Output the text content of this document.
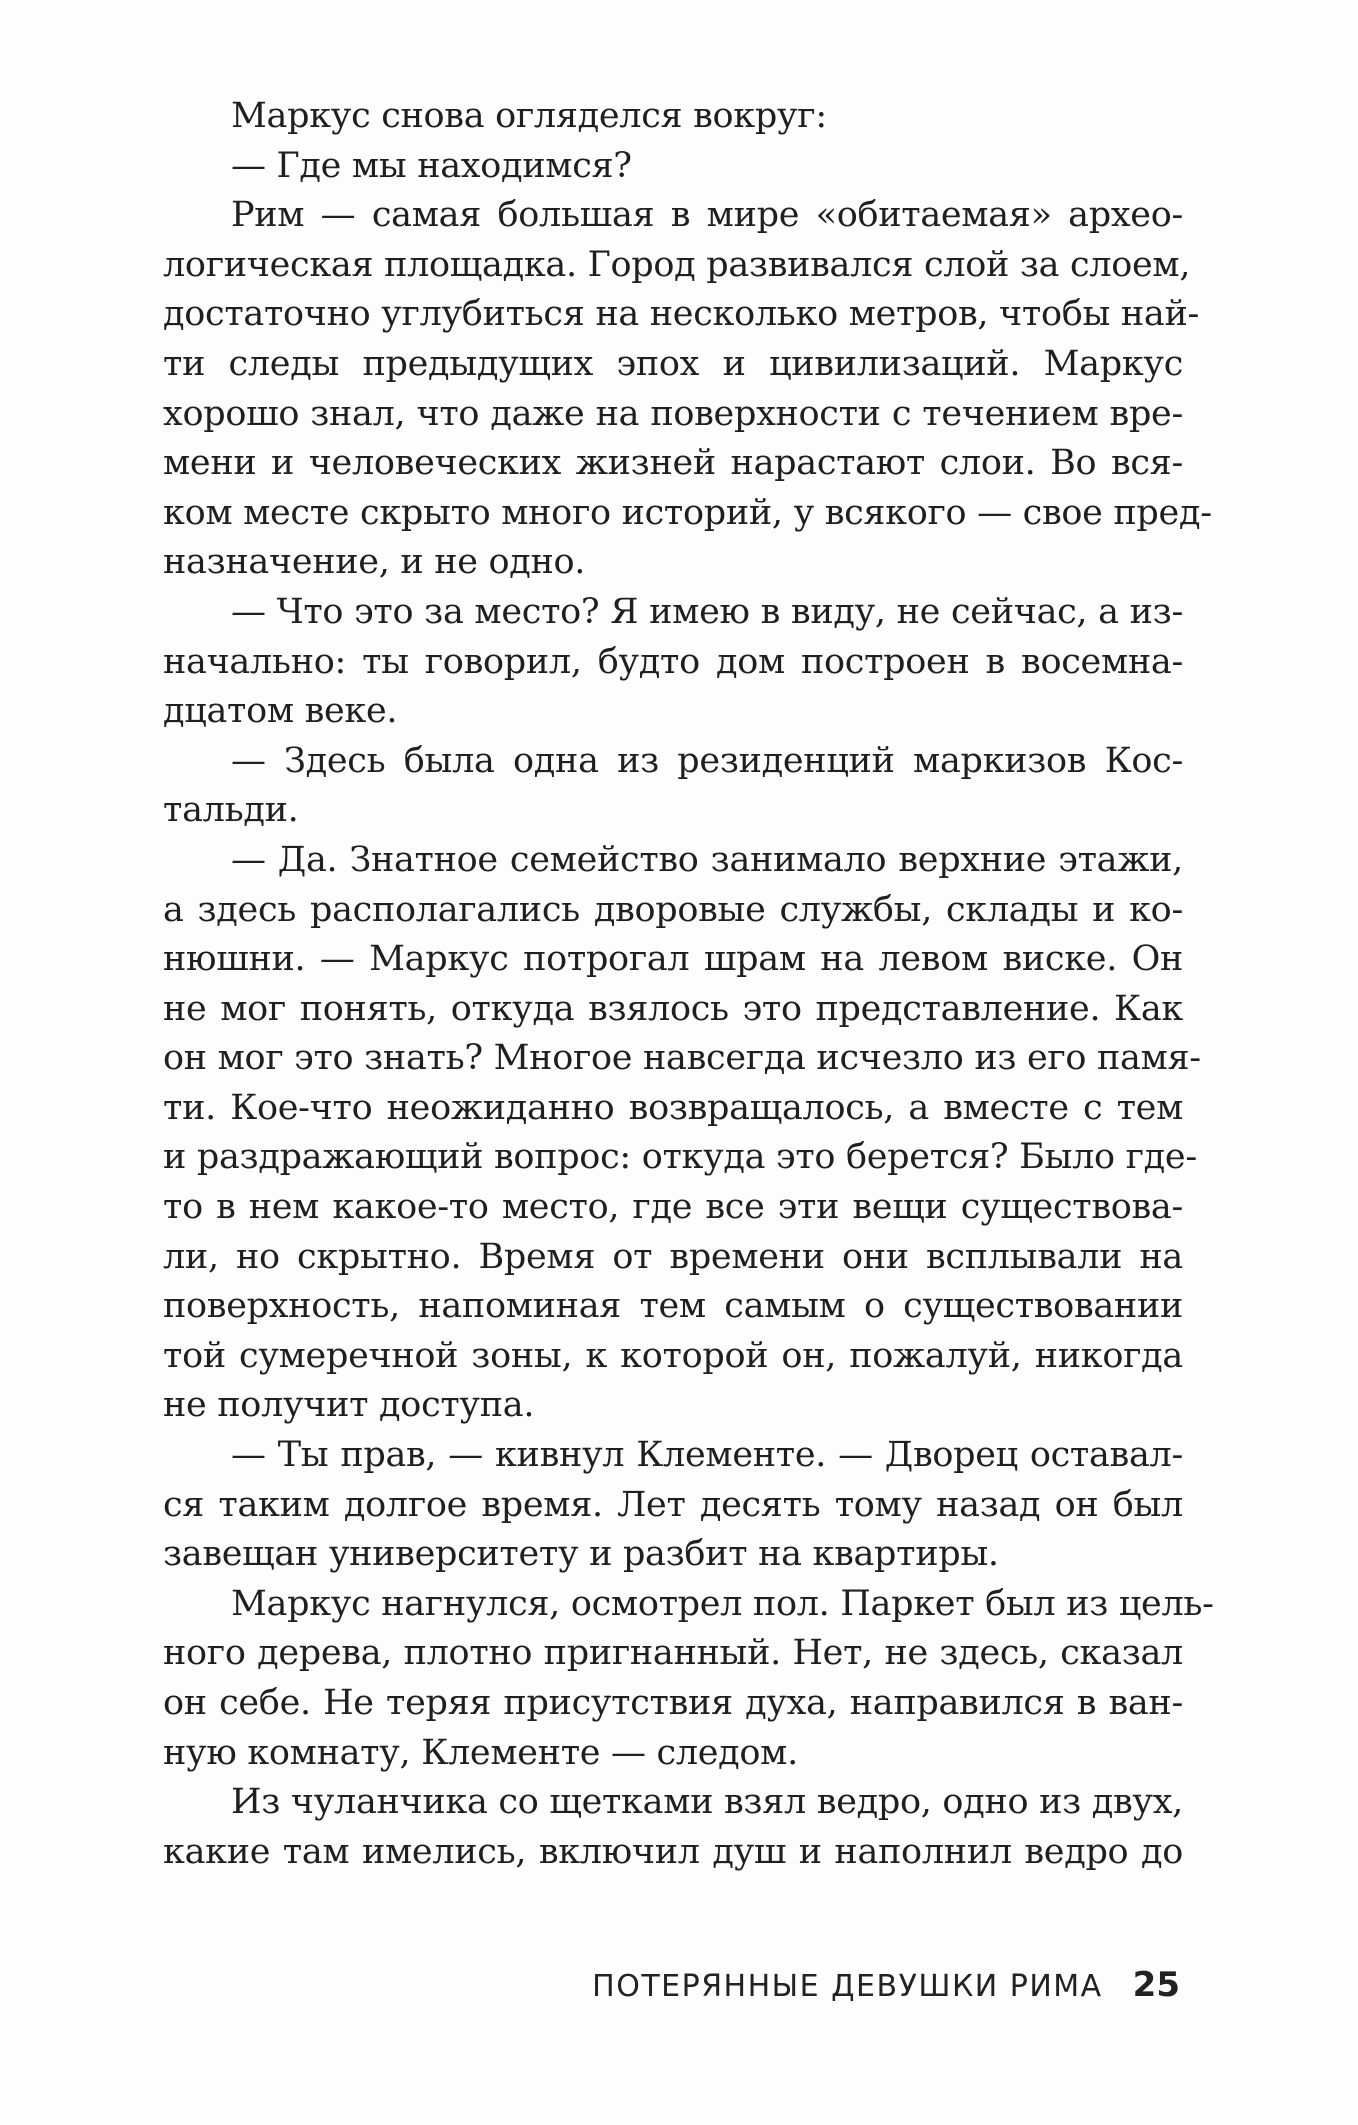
Маркус снова огляделся вокруг:
— Где мы находимся?
Рим — самая большая в мире «обитаемая» архео-
логическая площадка. Город развивался слой за слоем,
достаточно углубиться на несколько метров, чтобы най-
ти следы предыдущих эпох и цивилизаций. Маркус
хорошо знал, что даже на поверхности с течением вре-
мени и человеческих жизней нарастают слои. Во вся-
ком месте скрыто много историй, у всякого — свое пред-
назначение, и не одно.
— Что это за место? Я имею в виду, не сейчас, а из-
начально: ты говорил, будто дом построен в восемна-
дцатом веке.
— Здесь была одна из резиденций маркизов Кос-
тальди.
— Да. Знатное семейство занимало верхние этажи,
а здесь располагались дворовые службы, склады и ко-
нюшни. — Маркус потрогал шрам на левом виске. Он
не мог понять, откуда взялось это представление. Как
он мог это знать? Многое навсегда исчезло из его памя-
ти. Кое-что неожиданно возвращалось, а вместе с тем
и раздражающий вопрос: откуда это берется? Было где-
то в нем какое-то место, где все эти вещи существова-
ли, но скрытно. Время от времени они всплывали на
поверхность, напоминая тем самым о существовании
той сумеречной зоны, к которой он, пожалуй, никогда
не получит доступа.
— Ты прав, — кивнул Клементе. — Дворец оставал-
ся таким долгое время. Лет десять тому назад он был
завещан университету и разбит на квартиры.
Маркус нагнулся, осмотрел пол. Паркет был из цель-
ного дерева, плотно пригнанный. Нет, не здесь, сказал
он себе. Не теряя присутствия духа, направился в ван-
ную комнату, Клементе — следом.
Из чуланчика со щетками взял ведро, одно из двух,
какие там имелись, включил душ и наполнил ведро до
ПОТЕРЯННЫЕ ДЕВУШКИ РИМА 25
